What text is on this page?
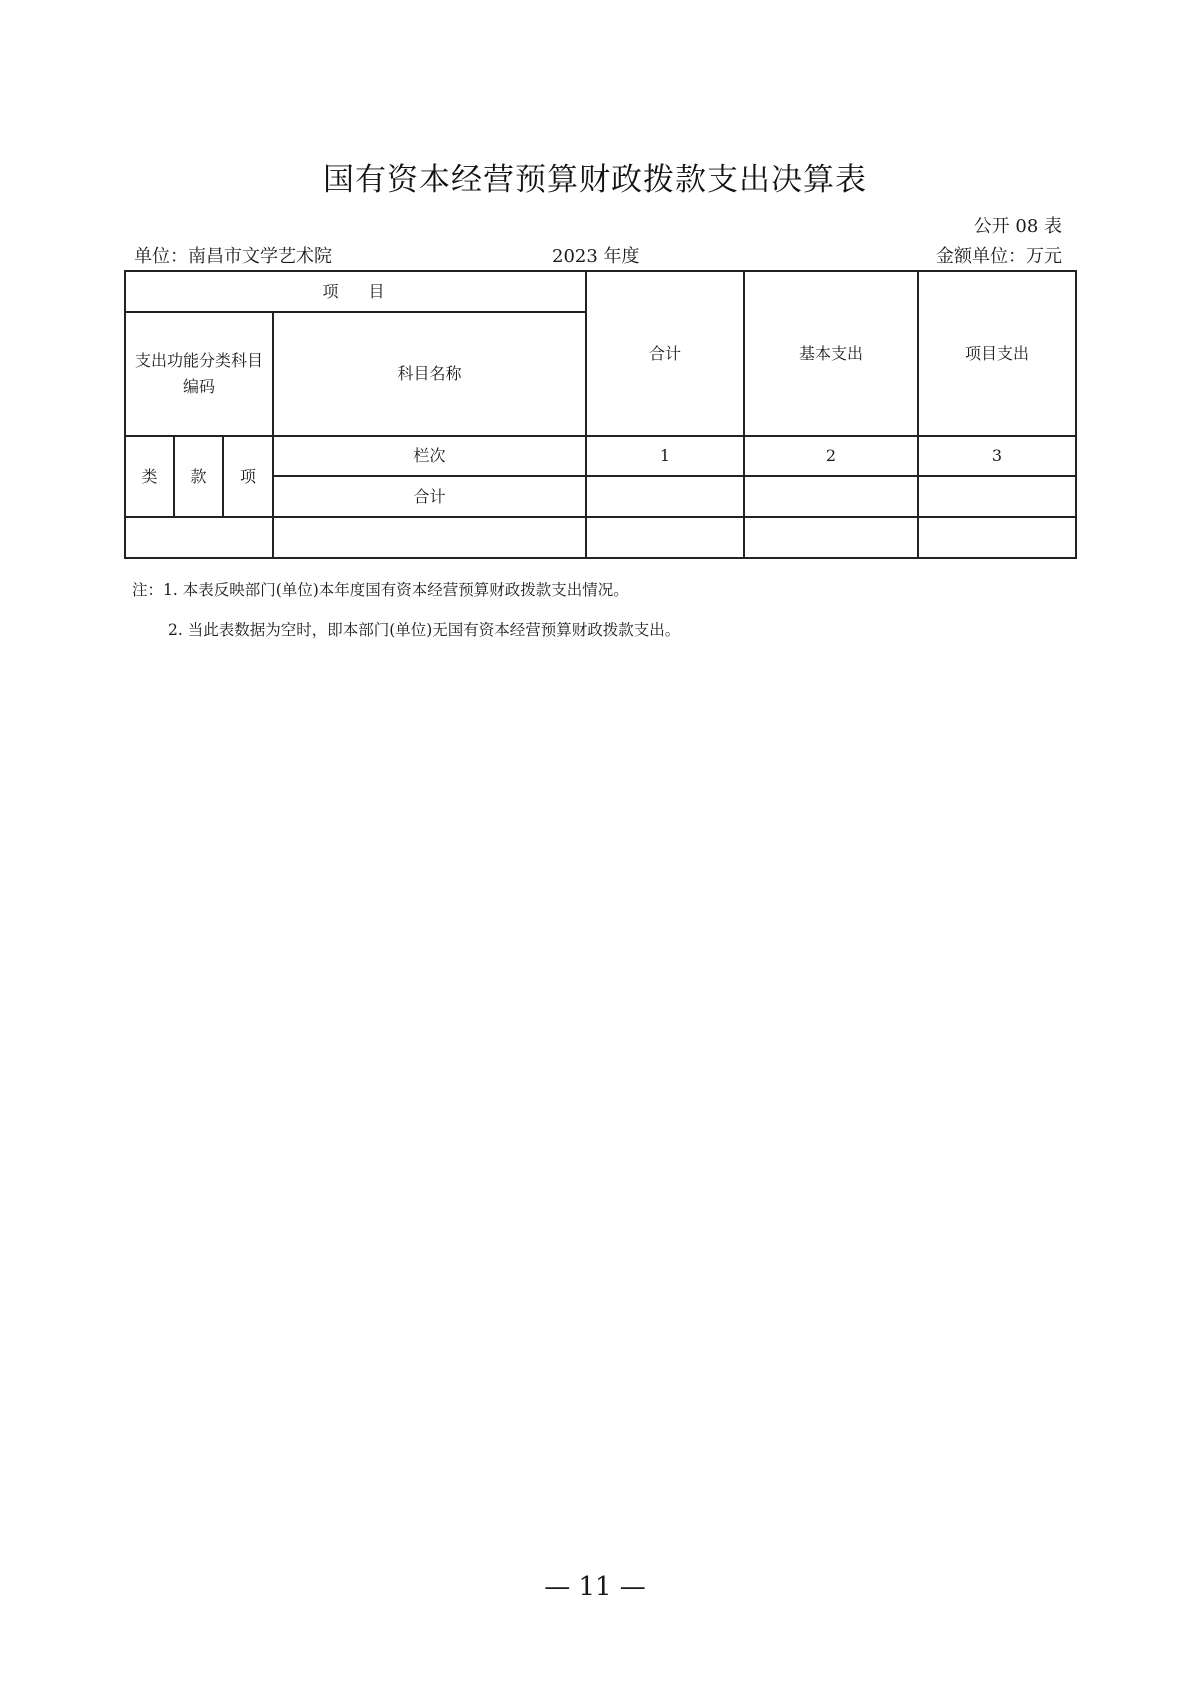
国有资本经营预算财政拨款支出决算表
公开 08 表
单位：南昌市文学艺术院	2023 年度	金额单位：万元
项目				合计	基本支出	项目支出
支出功能分类科目编码			科目名称			
类	款	项	栏次	1	2	3
			合计			

注：1. 本表反映部门(单位)本年度国有资本经营预算财政拨款支出情况。
2. 当此表数据为空时，即本部门(单位)无国有资本经营预算财政拨款支出。
— 11 —
